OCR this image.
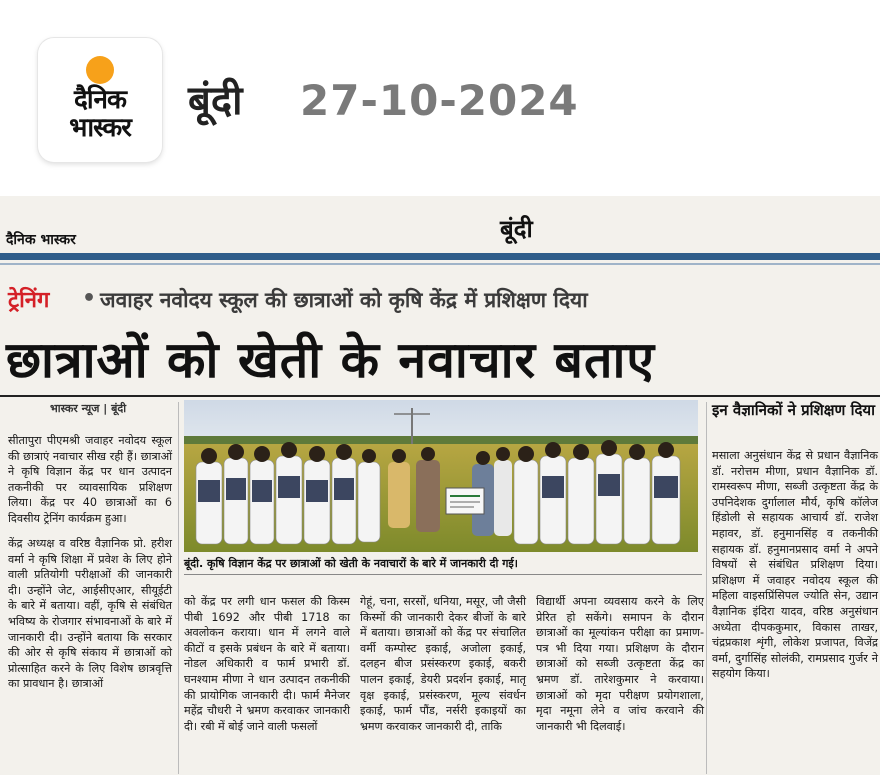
दैनिक
भास्कर
बूंदी 27-10-2024
दैनिक भास्कर	बूंदी
ट्रेनिंग • जवाहर नवोदय स्कूल की छात्राओं को कृषि केंद्र में प्रशिक्षण दिया
छात्राओं को खेती के नवाचार बताए
भास्कर न्यूज | बूंदी

सीतापुरा पीएमश्री जवाहर नवोदय स्कूल की छात्राएं नवाचार सीख रही हैं। छात्राओं ने कृषि विज्ञान केंद्र पर धान उत्पादन तकनीकी पर व्यावसायिक प्रशिक्षण लिया। केंद्र पर 40 छात्राओं का 6 दिवसीय ट्रेनिंग कार्यक्रम हुआ।

केंद्र अध्यक्ष व वरिष्ठ वैज्ञानिक प्रो. हरीश वर्मा ने कृषि शिक्षा में प्रवेश के लिए होने वाली प्रतियोगी परीक्षाओं की जानकारी दी। उन्होंने जेट, आईसीएआर, सीयूईटी के बारे में बताया। वहीं, कृषि से संबंधित भविष्य के रोजगार संभावनाओं के बारे में जानकारी दी। उन्होंने बताया कि सरकार की ओर से कृषि संकाय में छात्राओं को प्रोत्साहित करने के लिए विशेष छात्रवृत्ति का प्रावधान है। छात्राओं

बूंदी. कृषि विज्ञान केंद्र पर छात्राओं को खेती के नवाचारों के बारे में जानकारी दी गई।
को केंद्र पर लगी धान फसल की किस्म पीबी 1692 और पीबी 1718 का अवलोकन कराया। धान में लगने वाले कीटों व इसके प्रबंधन के बारे में बताया। नोडल अधिकारी व फार्म प्रभारी डॉ. घनश्याम मीणा ने धान उत्पादन तकनीकी की प्रायोगिक जानकारी दी। फार्म मैनेजर महेंद्र चौधरी ने भ्रमण करवाकर जानकारी दी। रबी में बोई जाने वाली फसलों
गेहूं, चना, सरसों, धनिया, मसूर, जौ जैसी किस्मों की जानकारी देकर बीजों के बारे में बताया। छात्राओं को केंद्र पर संचालित वर्मी कम्पोस्ट इकाई, अजोला इकाई, दलहन बीज प्रसंस्करण इकाई, बकरी पालन इकाई, डेयरी प्रदर्शन इकाई, मातृ वृक्ष इकाई, प्रसंस्करण, मूल्य संवर्धन इकाई, फार्म पौंड, नर्सरी इकाइयों का भ्रमण करवाकर जानकारी दी, ताकि
विद्यार्थी अपना व्यवसाय करने के लिए प्रेरित हो सकेंगे। समापन के दौरान छात्राओं का मूल्यांकन परीक्षा का प्रमाण-पत्र भी दिया गया। प्रशिक्षण के दौरान छात्राओं को सब्जी उत्कृष्टता केंद्र का भ्रमण डॉ. तारेशकुमार ने करवाया। छात्राओं को मृदा परीक्षण प्रयोगशाला, मृदा नमूना लेने व जांच करवाने की जानकारी भी दिलवाई।
इन वैज्ञानिकों ने प्रशिक्षण दिया
मसाला अनुसंधान केंद्र से प्रधान वैज्ञानिक डॉ. नरोत्तम मीणा, प्रधान वैज्ञानिक डॉ. रामस्वरूप मीणा, सब्जी उत्कृष्टता केंद्र के उपनिदेशक दुर्गालाल मौर्य, कृषि कॉलेज हिंडोली से सहायक आचार्य डॉ. राजेश महावर, डॉ. हनुमानसिंह व तकनीकी सहायक डॉ. हनुमानप्रसाद वर्मा ने अपने विषयों से संबंधित प्रशिक्षण दिया। प्रशिक्षण में जवाहर नवोदय स्कूल की महिला वाइसप्रिंसिपल ज्योति सेन, उद्यान वैज्ञानिक इंदिरा यादव, वरिष्ठ अनुसंधान अध्येता दीपककुमार, विकास ताखर, चंद्रप्रकाश शृंगी, लोकेश प्रजापत, विजेंद्र वर्मा, दुर्गासिंह सोलंकी, रामप्रसाद गुर्जर ने सहयोग किया।
